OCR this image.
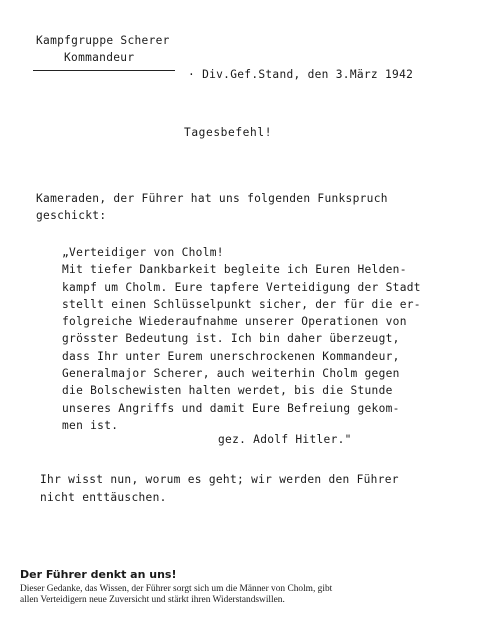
Kampfgruppe Scherer
Kommandeur
· Div.Gef.Stand, den 3.März 1942
Tagesbefehl!
Kameraden, der Führer hat uns folgenden Funkspruch
geschickt:
„Verteidiger von Cholm!
Mit tiefer Dankbarkeit begleite ich Euren Helden-
kampf um Cholm. Eure tapfere Verteidigung der Stadt
stellt einen Schlüsselpunkt sicher, der für die er-
folgreiche Wiederaufnahme unserer Operationen von
grösster Bedeutung ist. Ich bin daher überzeugt,
dass Ihr unter Eurem unerschrockenen Kommandeur,
Generalmajor Scherer, auch weiterhin Cholm gegen
die Bolschewisten halten werdet, bis die Stunde
unseres Angriffs und damit Eure Befreiung gekom-
men ist.
gez. Adolf Hitler."
Ihr wisst nun, worum es geht; wir werden den Führer
nicht enttäuschen.
Der Führer denkt an uns!
Dieser Gedanke, das Wissen, der Führer sorgt sich um die Männer von Cholm, gibt
allen Verteidigern neue Zuversicht und stärkt ihren Widerstandswillen.
